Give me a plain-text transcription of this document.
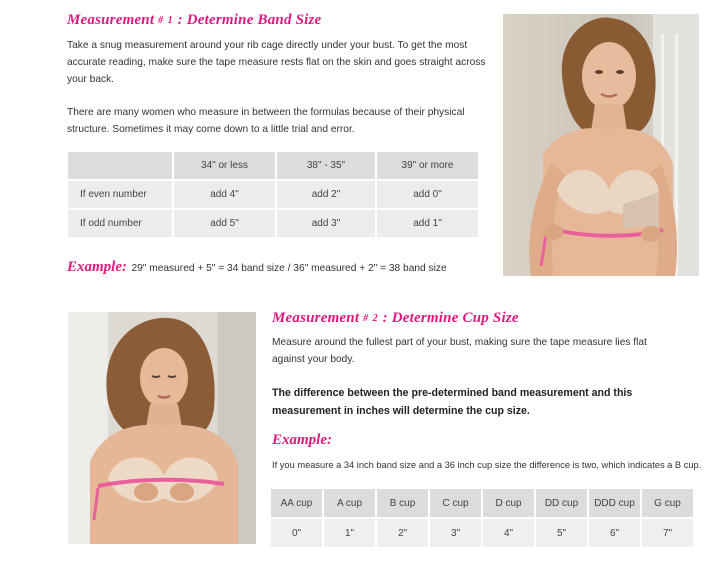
Measurement # 1 : Determine Band Size
Take a snug measurement around your rib cage directly under your bust. To get the most accurate reading, make sure the tape measure rests flat on the skin and goes straight across your back.
There are many women who measure in between the formulas because of their physical structure. Sometimes it may come down to a little trial and error.
	34" or less	38" - 35"	39" or more
If even number	add 4"	add 2"	add 0"
If odd number	add 5"	add 3"	add 1"
Example: 29" measured + 5" = 34 band size / 36" measured + 2" = 38 band size
Measurement # 2 : Determine Cup Size
Measure around the fullest part of your bust, making sure the tape measure lies flat against your body.
The difference between the pre-determined band measurement and this measurement in inches will determine the cup size.
Example:
If you measure a 34 inch band size and a 36 inch cup size the difference is two, which indicates a B cup.
AA cup	A cup	B cup	C cup	D cup	DD cup	DDD cup	G cup
0"	1"	2"	3"	4"	5"	6"	7"
